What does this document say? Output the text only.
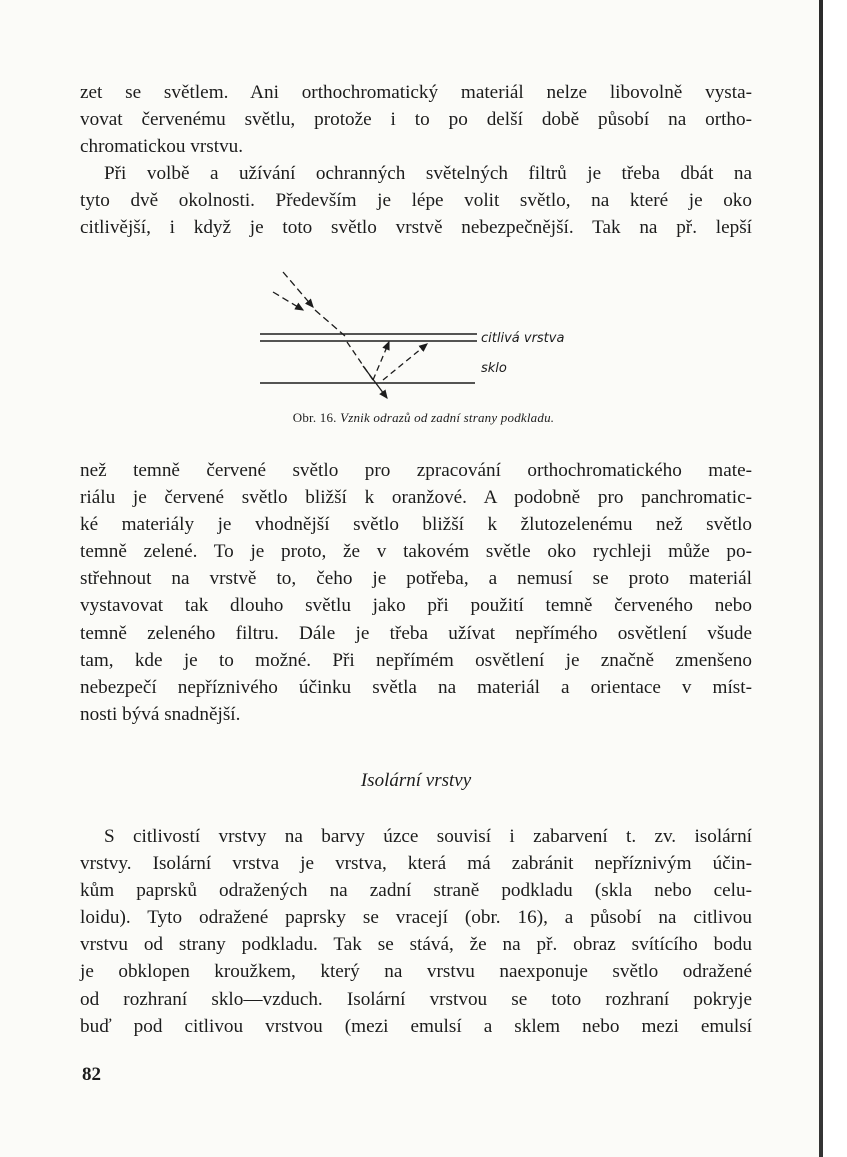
zet se světlem. Ani orthochromatický materiál nelze libovolně vysta-
vovat červenému světlu, protože i to po delší době působí na ortho-
chromatickou vrstvu.
Při volbě a užívání ochranných světelných filtrů je třeba dbát na
tyto dvě okolnosti. Především je lépe volit světlo, na které je oko
citlivější, i když je toto světlo vrstvě nebezpečnější. Tak na př. lepší
citlivá vrstva
sklo
Obr. 16. Vznik odrazů od zadní strany podkladu.
než temně červené světlo pro zpracování orthochromatického mate-
riálu je červené světlo bližší k oranžové. A podobně pro panchromatic-
ké materiály je vhodnější světlo bližší k žlutozelenému než světlo
temně zelené. To je proto, že v takovém světle oko rychleji může po-
střehnout na vrstvě to, čeho je potřeba, a nemusí se proto materiál
vystavovat tak dlouho světlu jako při použití temně červeného nebo
temně zeleného filtru. Dále je třeba užívat nepřímého osvětlení všude
tam, kde je to možné. Při nepřímém osvětlení je značně zmenšeno
nebezpečí nepříznivého účinku světla na materiál a orientace v míst-
nosti bývá snadnější.
Isolární vrstvy
S citlivostí vrstvy na barvy úzce souvisí i zabarvení t. zv. isolární
vrstvy. Isolární vrstva je vrstva, která má zabránit nepříznivým účin-
kům paprsků odražených na zadní straně podkladu (skla nebo celu-
loidu). Tyto odražené paprsky se vracejí (obr. 16), a působí na citlivou
vrstvu od strany podkladu. Tak se stává, že na př. obraz svítícího bodu
je obklopen kroužkem, který na vrstvu naexponuje světlo odražené
od rozhraní sklo—vzduch. Isolární vrstvou se toto rozhraní pokryje
buď pod citlivou vrstvou (mezi emulsí a sklem nebo mezi emulsí
82
